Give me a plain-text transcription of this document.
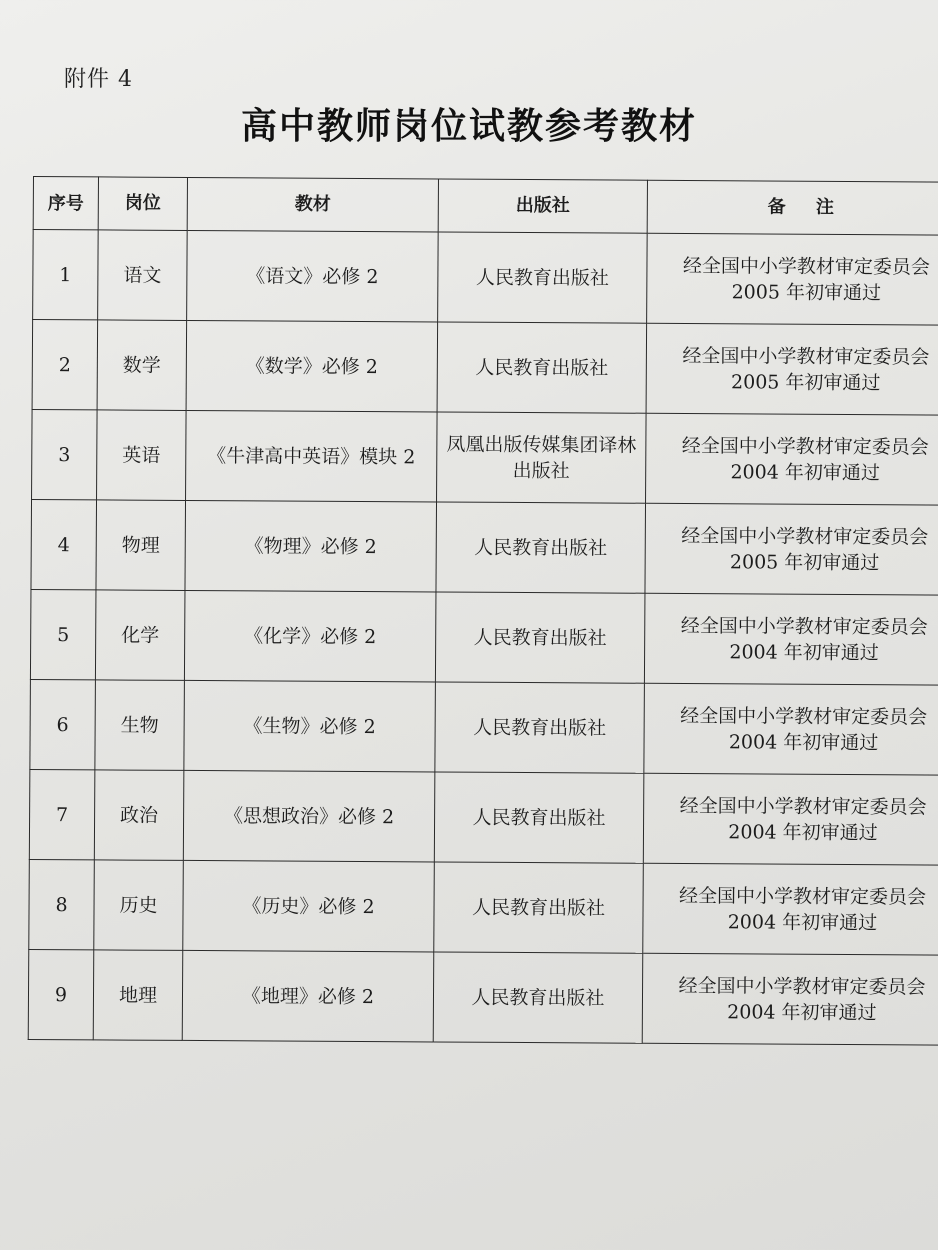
附件 4
高中教师岗位试教参考教材
序号	岗位	教材	出版社	备 注
1	语文	《语文》必修 2	人民教育出版社	经全国中小学教材审定委员会
2005 年初审通过

2	数学	《数学》必修 2	人民教育出版社	经全国中小学教材审定委员会
2005 年初审通过

3	英语	《牛津高中英语》模块 2	凤凰出版传媒集团译林出版社	经全国中小学教材审定委员会
2004 年初审通过

4	物理	《物理》必修 2	人民教育出版社	经全国中小学教材审定委员会
2005 年初审通过

5	化学	《化学》必修 2	人民教育出版社	经全国中小学教材审定委员会
2004 年初审通过

6	生物	《生物》必修 2	人民教育出版社	经全国中小学教材审定委员会
2004 年初审通过

7	政治	《思想政治》必修 2	人民教育出版社	经全国中小学教材审定委员会
2004 年初审通过

8	历史	《历史》必修 2	人民教育出版社	经全国中小学教材审定委员会
2004 年初审通过

9	地理	《地理》必修 2	人民教育出版社	经全国中小学教材审定委员会
2004 年初审通过
